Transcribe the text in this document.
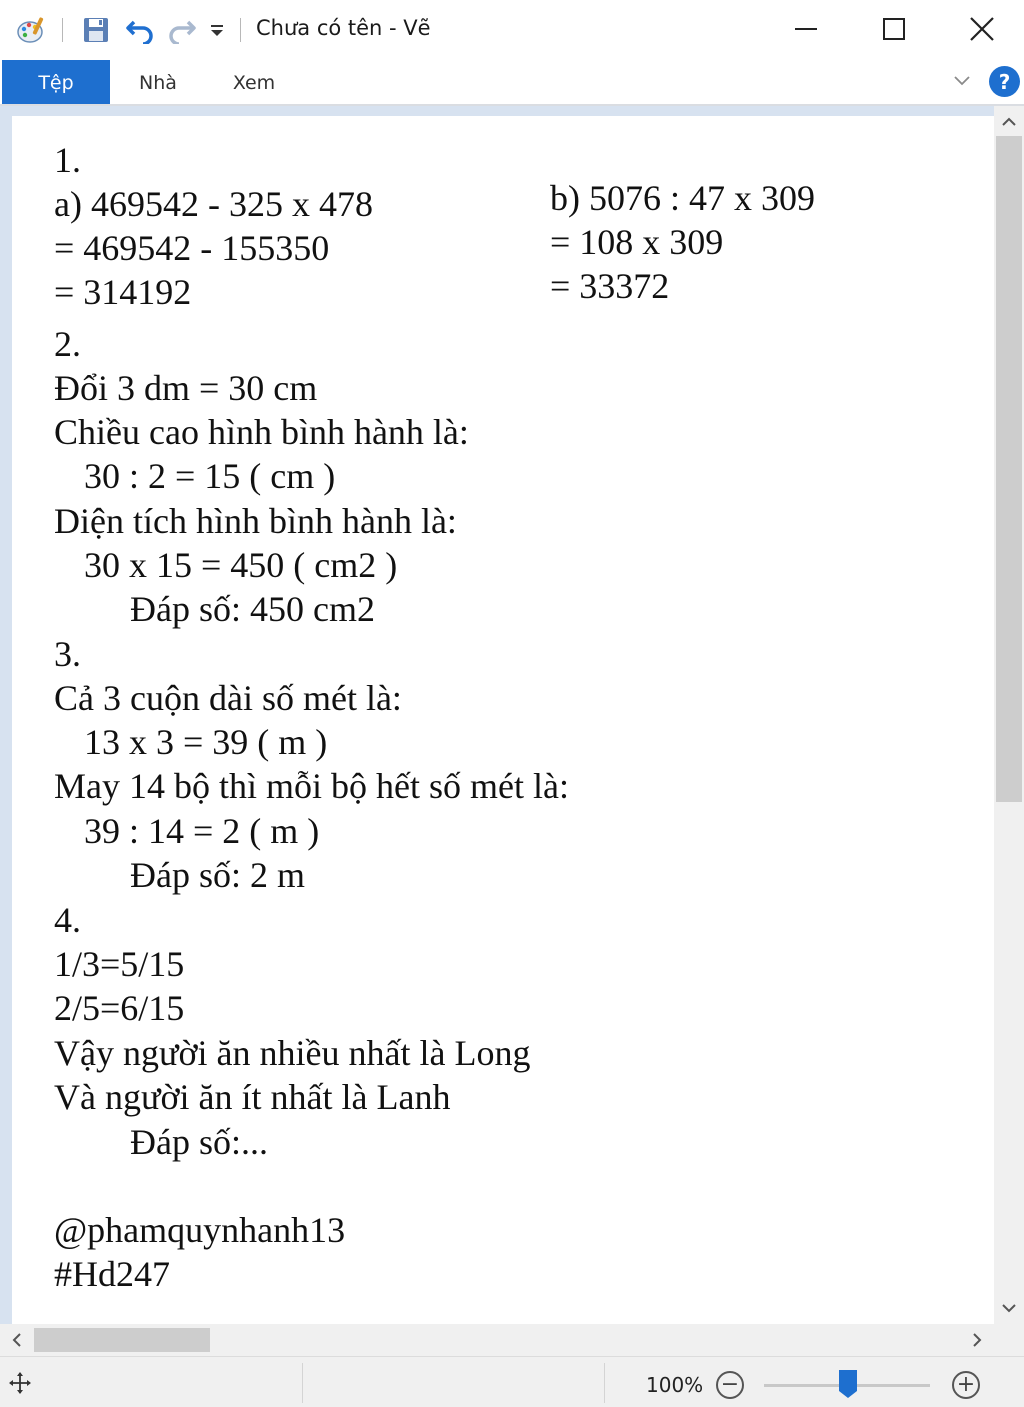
Chưa có tên - Vẽ
Tệp	Nhà	Xem	?
1.
a) 469542 - 325 x 478
= 469542 - 155350
= 314192
b) 5076 : 47 x 309
= 108 x 309
= 33372
2.
Đổi 3 dm = 30 cm
Chiều cao hình bình hành là:
30 : 2 = 15 ( cm )
Diện tích hình bình hành là:
30 x 15 = 450 ( cm2 )
Đáp số: 450 cm2
3.
Cả 3 cuộn dài số mét là:
13 x 3 = 39 ( m )
May 14 bộ thì mỗi bộ hết số mét là:
39 : 14 = 2 ( m )
Đáp số: 2 m
4.
1/3=5/15
2/5=6/15
Vậy người ăn nhiều nhất là Long
Và người ăn ít nhất là Lanh
Đáp số:...
@phamquynhanh13
#Hd247
100% −	+
